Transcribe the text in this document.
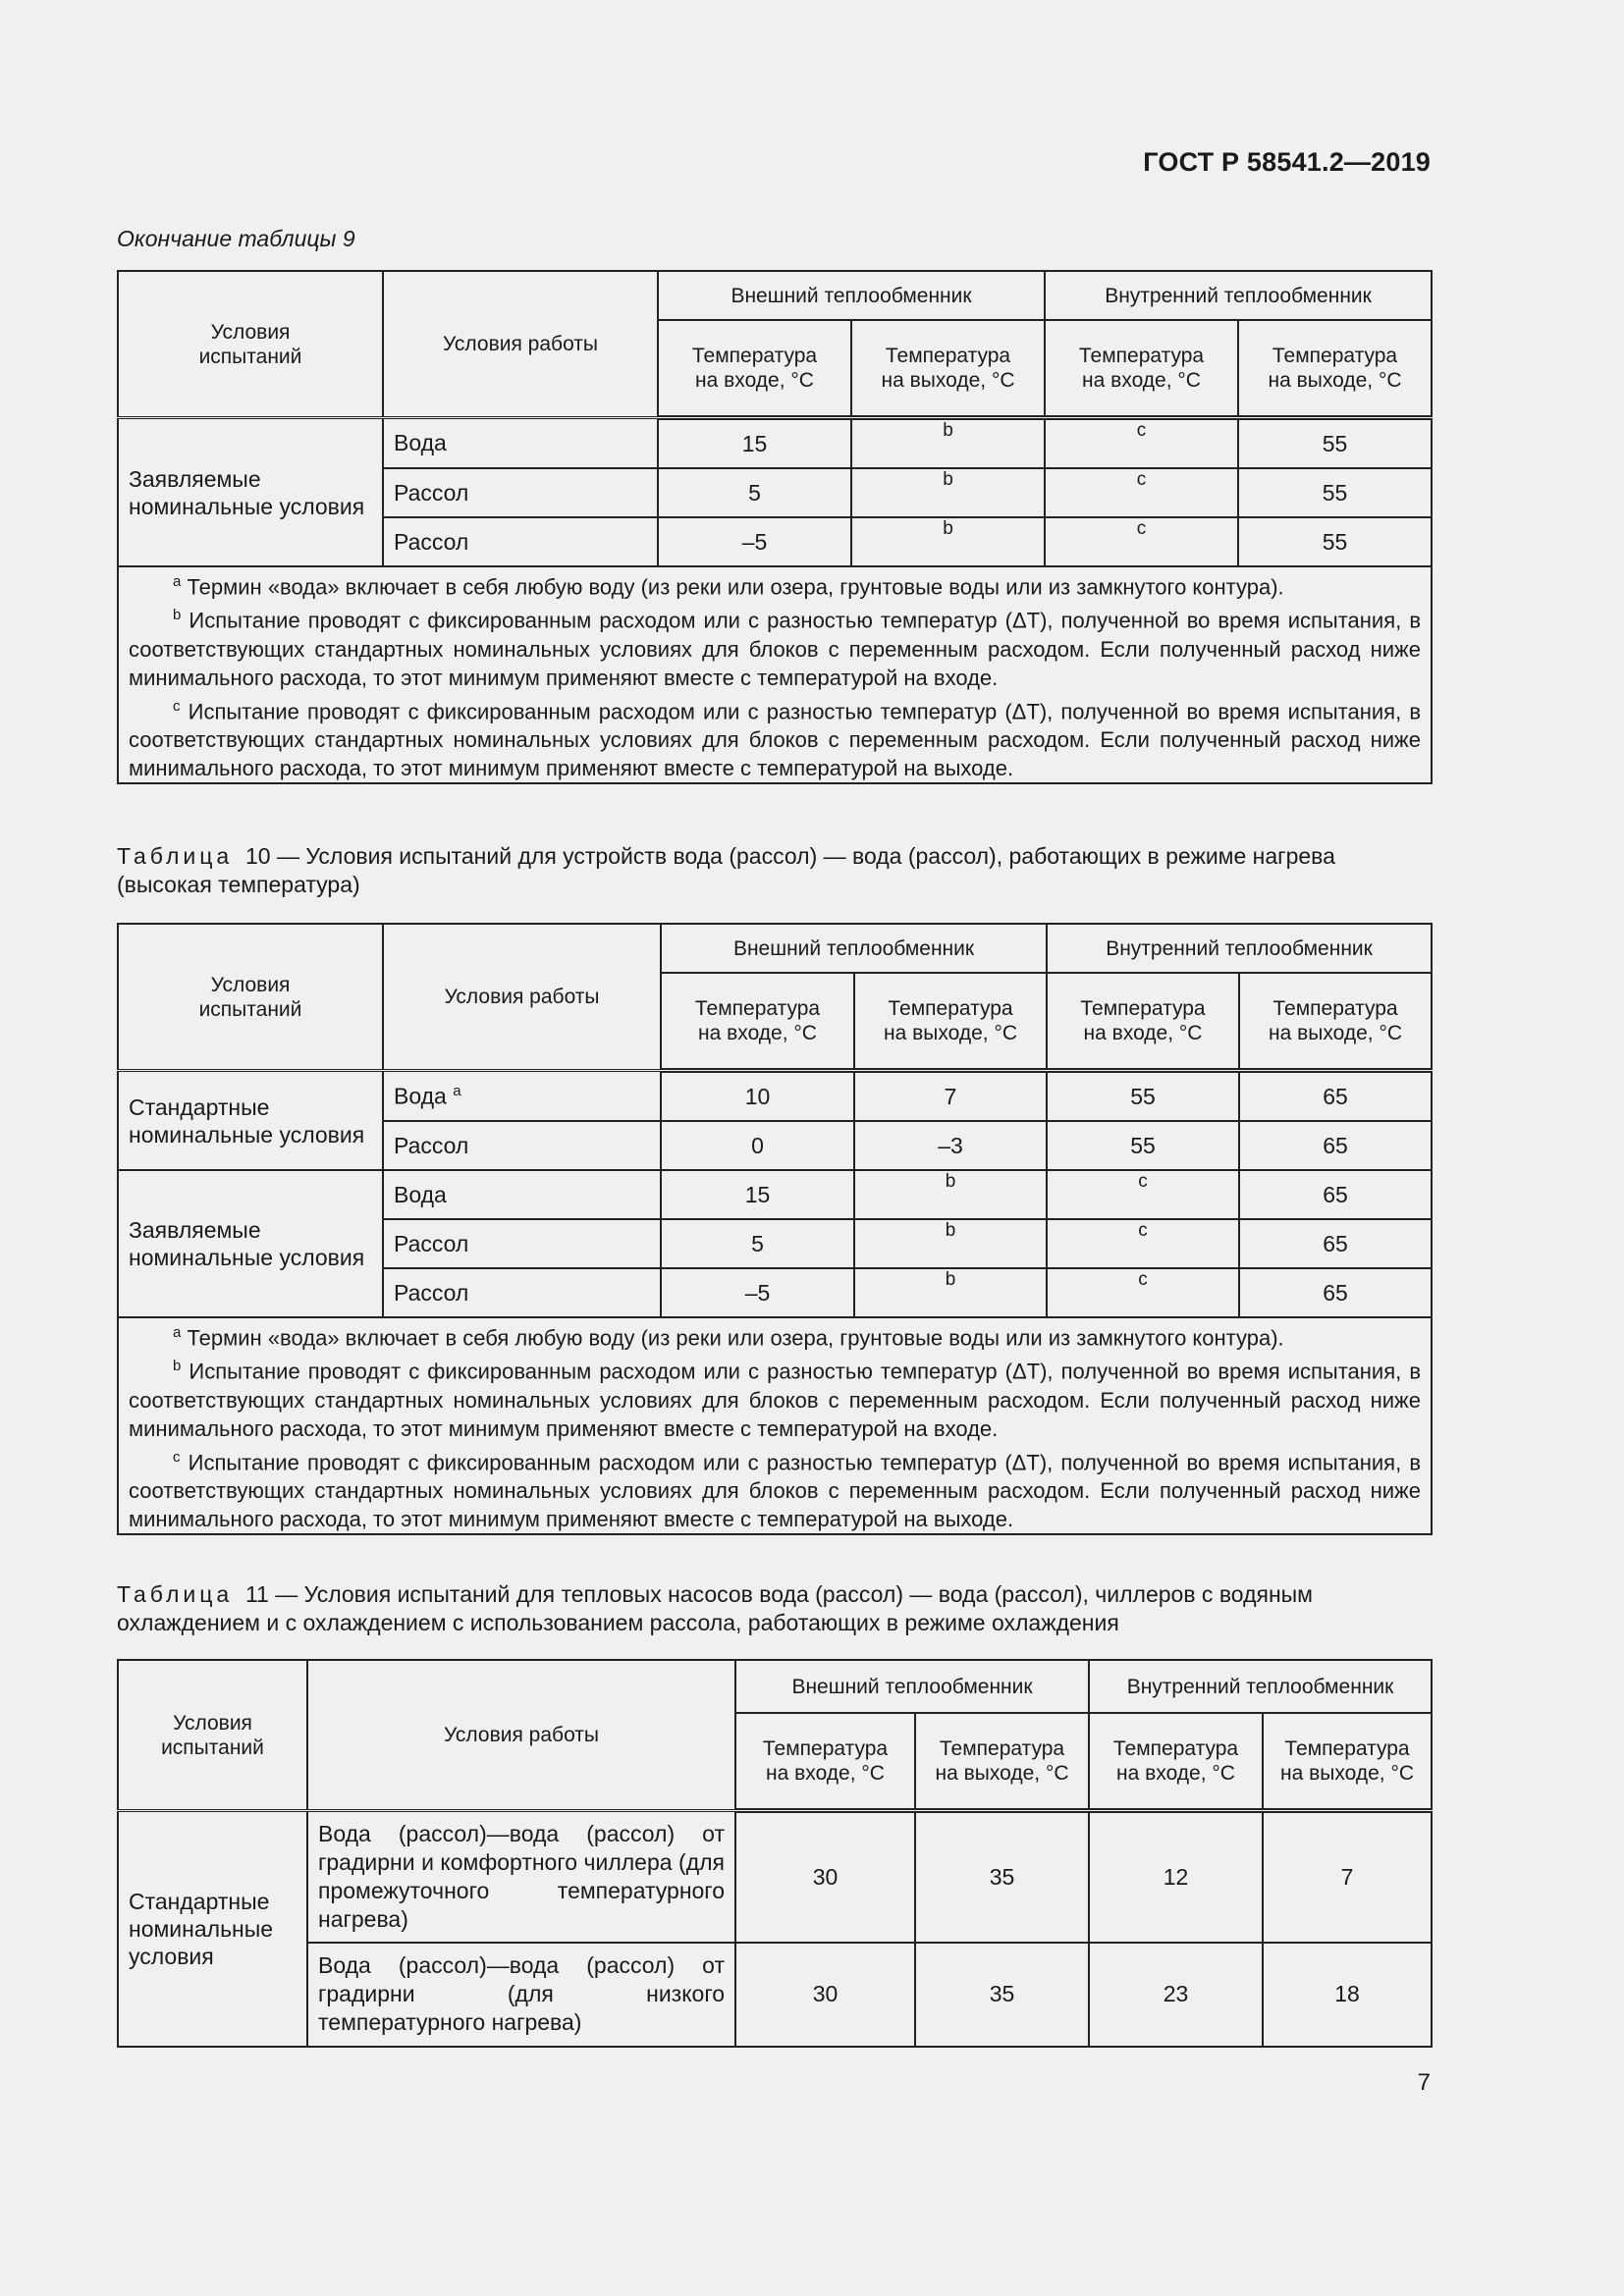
ГОСТ Р 58541.2—2019
Окончание таблицы 9
Условия испытаний	Условия работы	Внешний теплообменник		Внутренний теплообменник	
		Температура на входе, °С	Температура на выходе, °С	Температура на входе, °С	Температура на выходе, °С
Заявляемые номинальные условия	Вода	15	b	c	55
	Рассол	5	b	c	55
	Рассол	–5	b	c	55

$^a$ Термин «вода» включает в себя любую воду (из реки или озера, грунтовые воды или из замкнутого контура).

$^b$ Испытание проводят с фиксированным расходом или с разностью температур (ΔT), полученной во время испытания, в соответствующих стандартных номинальных условиях для блоков с переменным расходом. Если полученный расход ниже минимального расхода, то этот минимум применяют вместе с температурой на входе.

$^c$ Испытание проводят с фиксированным расходом или с разностью температур (ΔT), полученной во время испытания, в соответствующих стандартных номинальных условиях для блоков с переменным расходом. Если полученный расход ниже минимального расхода, то этот минимум применяют вместе с температурой на выходе.					

Таблица 10 — Условия испытаний для устройств вода (рассол) — вода (рассол), работающих в режиме нагрева (высокая температура)
Условия испытаний	Условия работы	Внешний теплообменник		Внутренний теплообменник	
		Температура на входе, °С	Температура на выходе, °С	Температура на входе, °С	Температура на выходе, °С
Стандартные номинальные условия	Вода $^a$	10	7	55	65
	Рассол	0	–3	55	65
Заявляемые номинальные условия	Вода	15	b	c	65
	Рассол	5	b	c	65
	Рассол	–5	b	c	65

$^a$ Термин «вода» включает в себя любую воду (из реки или озера, грунтовые воды или из замкнутого контура).

$^b$ Испытание проводят с фиксированным расходом или с разностью температур (ΔT), полученной во время испытания, в соответствующих стандартных номинальных условиях для блоков с переменным расходом. Если полученный расход ниже минимального расхода, то этот минимум применяют вместе с температурой на входе.

$^c$ Испытание проводят с фиксированным расходом или с разностью температур (ΔT), полученной во время испытания, в соответствующих стандартных номинальных условиях для блоков с переменным расходом. Если полученный расход ниже минимального расхода, то этот минимум применяют вместе с температурой на выходе.					

Таблица 11 — Условия испытаний для тепловых насосов вода (рассол) — вода (рассол), чиллеров с водяным охлаждением и с охлаждением с использованием рассола, работающих в режиме охлаждения
Условия испытаний	Условия работы	Внешний теплообменник		Внутренний теплообменник	
		Температура на входе, °С	Температура на выходе, °С	Температура на входе, °С	Температура на выходе, °С
Стандартные номинальные условия	Вода (рассол)—вода (рассол) от градирни и комфортного чиллера (для промежуточного температурного нагрева)	30	35	12	7
	Вода (рассол)—вода (рассол) от градирни (для низкого температурного нагрева)	30	35	23	18
7
